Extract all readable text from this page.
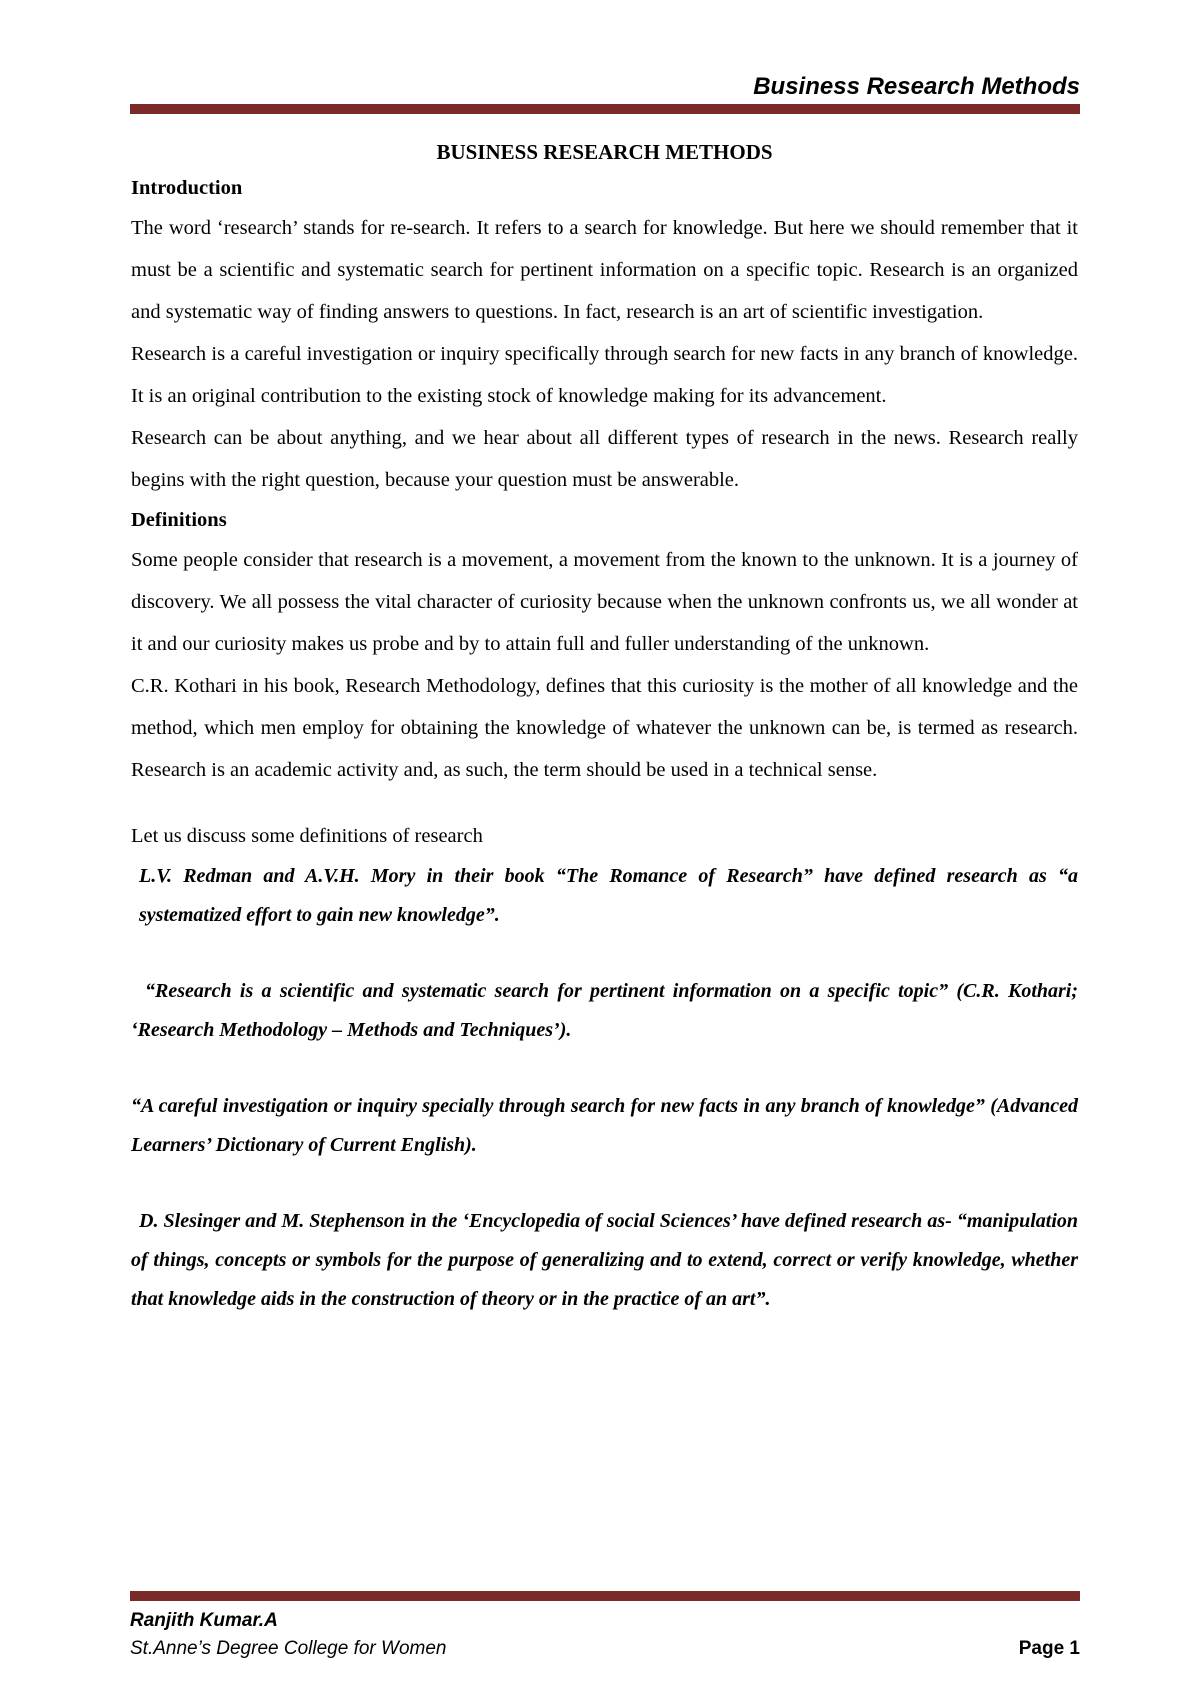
Business Research Methods
BUSINESS RESEARCH METHODS
Introduction

The word ‘research’ stands for re-search. It refers to a search for knowledge. But here we should remember that it must be a scientific and systematic search for pertinent information on a specific topic. Research is an organized and systematic way of finding answers to questions. In fact, research is an art of scientific investigation.

Research is a careful investigation or inquiry specifically through search for new facts in any branch of knowledge. It is an original contribution to the existing stock of knowledge making for its advancement.

Research can be about anything, and we hear about all different types of research in the news. Research really begins with the right question, because your question must be answerable.

Definitions

Some people consider that research is a movement, a movement from the known to the unknown. It is a journey of discovery. We all possess the vital character of curiosity because when the unknown confronts us, we all wonder at it and our curiosity makes us probe and by to attain full and fuller understanding of the unknown.

C.R. Kothari in his book, Research Methodology, defines that this curiosity is the mother of all knowledge and the method, which men employ for obtaining the knowledge of whatever the unknown can be, is termed as research. Research is an academic activity and, as such, the term should be used in a technical sense.

Let us discuss some definitions of research

L.V. Redman and A.V.H. Mory in their book “The Romance of Research” have defined research as “a systematized effort to gain new knowledge”.

“Research is a scientific and systematic search for pertinent information on a specific topic” (C.R. Kothari; ‘Research Methodology – Methods and Techniques’).

“A careful investigation or inquiry specially through search for new facts in any branch of knowledge” (Advanced Learners’ Dictionary of Current English).

D. Slesinger and M. Stephenson in the ‘Encyclopedia of social Sciences’ have defined research as- “manipulation of things, concepts or symbols for the purpose of generalizing and to extend, correct or verify knowledge, whether that knowledge aids in the construction of theory or in the practice of an art”.

Ranjith Kumar.A
St.Anne’s Degree College for Women	Page 1
